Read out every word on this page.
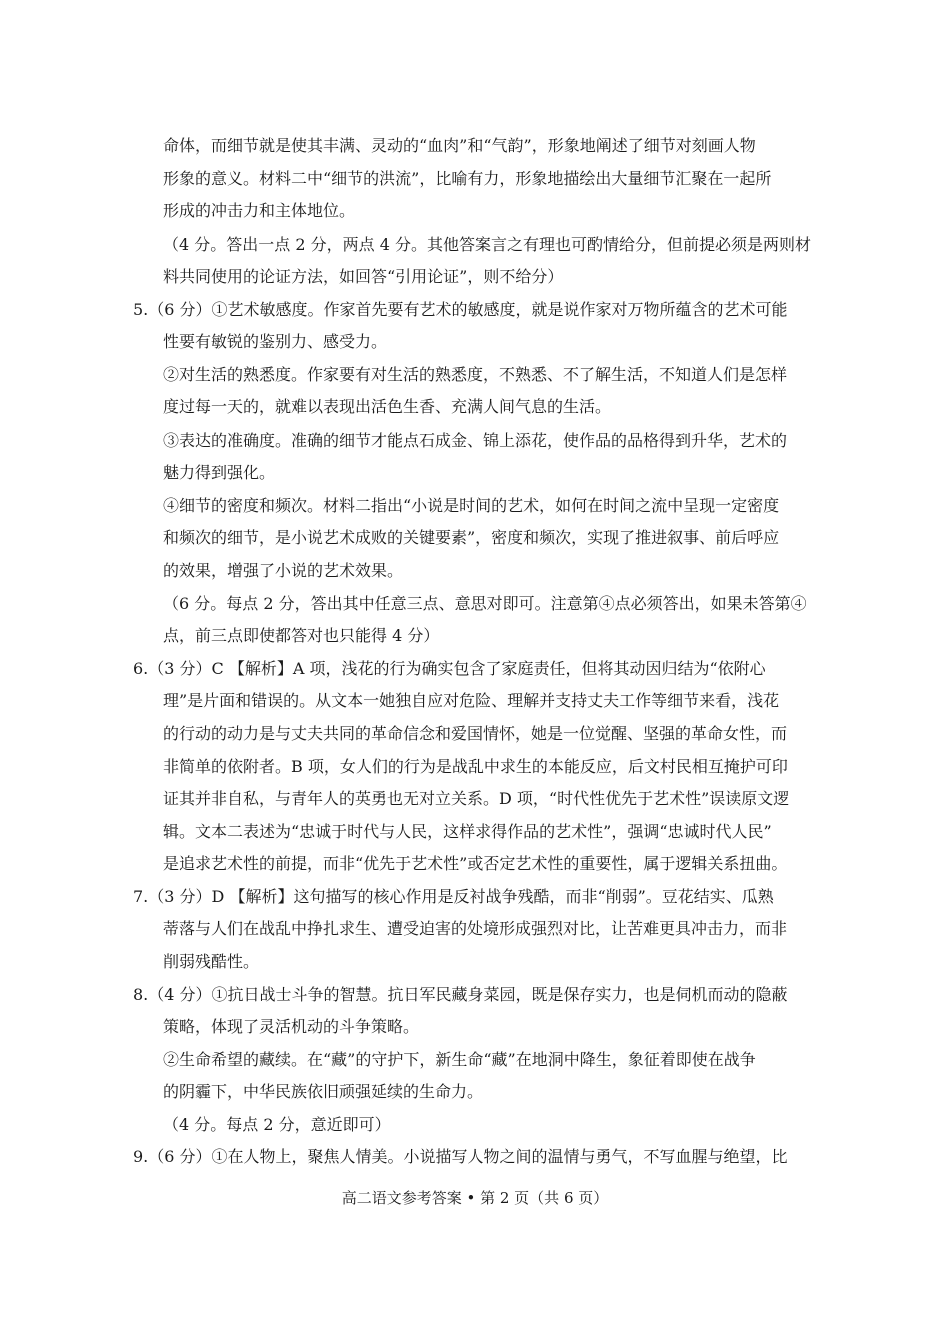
命体，而细节就是使其丰满、灵动的“血肉”和“气韵”，形象地阐述了细节对刻画人物
形象的意义。材料二中“细节的洪流”，比喻有力，形象地描绘出大量细节汇聚在一起所
形成的冲击力和主体地位。
（4 分。答出一点 2 分，两点 4 分。其他答案言之有理也可酌情给分，但前提必须是两则材
料共同使用的论证方法，如回答“引用论证”，则不给分）
5.（6 分）①艺术敏感度。作家首先要有艺术的敏感度，就是说作家对万物所蕴含的艺术可能
性要有敏锐的鉴别力、感受力。
②对生活的熟悉度。作家要有对生活的熟悉度，不熟悉、不了解生活，不知道人们是怎样
度过每一天的，就难以表现出活色生香、充满人间气息的生活。
③表达的准确度。准确的细节才能点石成金、锦上添花，使作品的品格得到升华，艺术的
魅力得到强化。
④细节的密度和频次。材料二指出“小说是时间的艺术，如何在时间之流中呈现一定密度
和频次的细节，是小说艺术成败的关键要素”，密度和频次，实现了推进叙事、前后呼应
的效果，增强了小说的艺术效果。
（6 分。每点 2 分，答出其中任意三点、意思对即可。注意第④点必须答出，如果未答第④
点，前三点即使都答对也只能得 4 分）
6.（3 分）C 【解析】A 项，浅花的行为确实包含了家庭责任，但将其动因归结为“依附心
理”是片面和错误的。从文本一她独自应对危险、理解并支持丈夫工作等细节来看，浅花
的行动的动力是与丈夫共同的革命信念和爱国情怀，她是一位觉醒、坚强的革命女性，而
非简单的依附者。B 项，女人们的行为是战乱中求生的本能反应，后文村民相互掩护可印
证其并非自私，与青年人的英勇也无对立关系。D 项，“时代性优先于艺术性”误读原文逻
辑。文本二表述为“忠诚于时代与人民，这样求得作品的艺术性”，强调“忠诚时代人民”
是追求艺术性的前提，而非“优先于艺术性”或否定艺术性的重要性，属于逻辑关系扭曲。
7.（3 分）D 【解析】这句描写的核心作用是反衬战争残酷，而非“削弱”。豆花结实、瓜熟
蒂落与人们在战乱中挣扎求生、遭受迫害的处境形成强烈对比，让苦难更具冲击力，而非
削弱残酷性。
8.（4 分）①抗日战士斗争的智慧。抗日军民藏身菜园，既是保存实力，也是伺机而动的隐蔽
策略，体现了灵活机动的斗争策略。
②生命希望的藏续。在“藏”的守护下，新生命“藏”在地洞中降生，象征着即使在战争
的阴霾下，中华民族依旧顽强延续的生命力。
（4 分。每点 2 分，意近即可）
9.（6 分）①在人物上，聚焦人情美。小说描写人物之间的温情与勇气，不写血腥与绝望，比
高二语文参考答案 • 第 2 页（共 6 页）
